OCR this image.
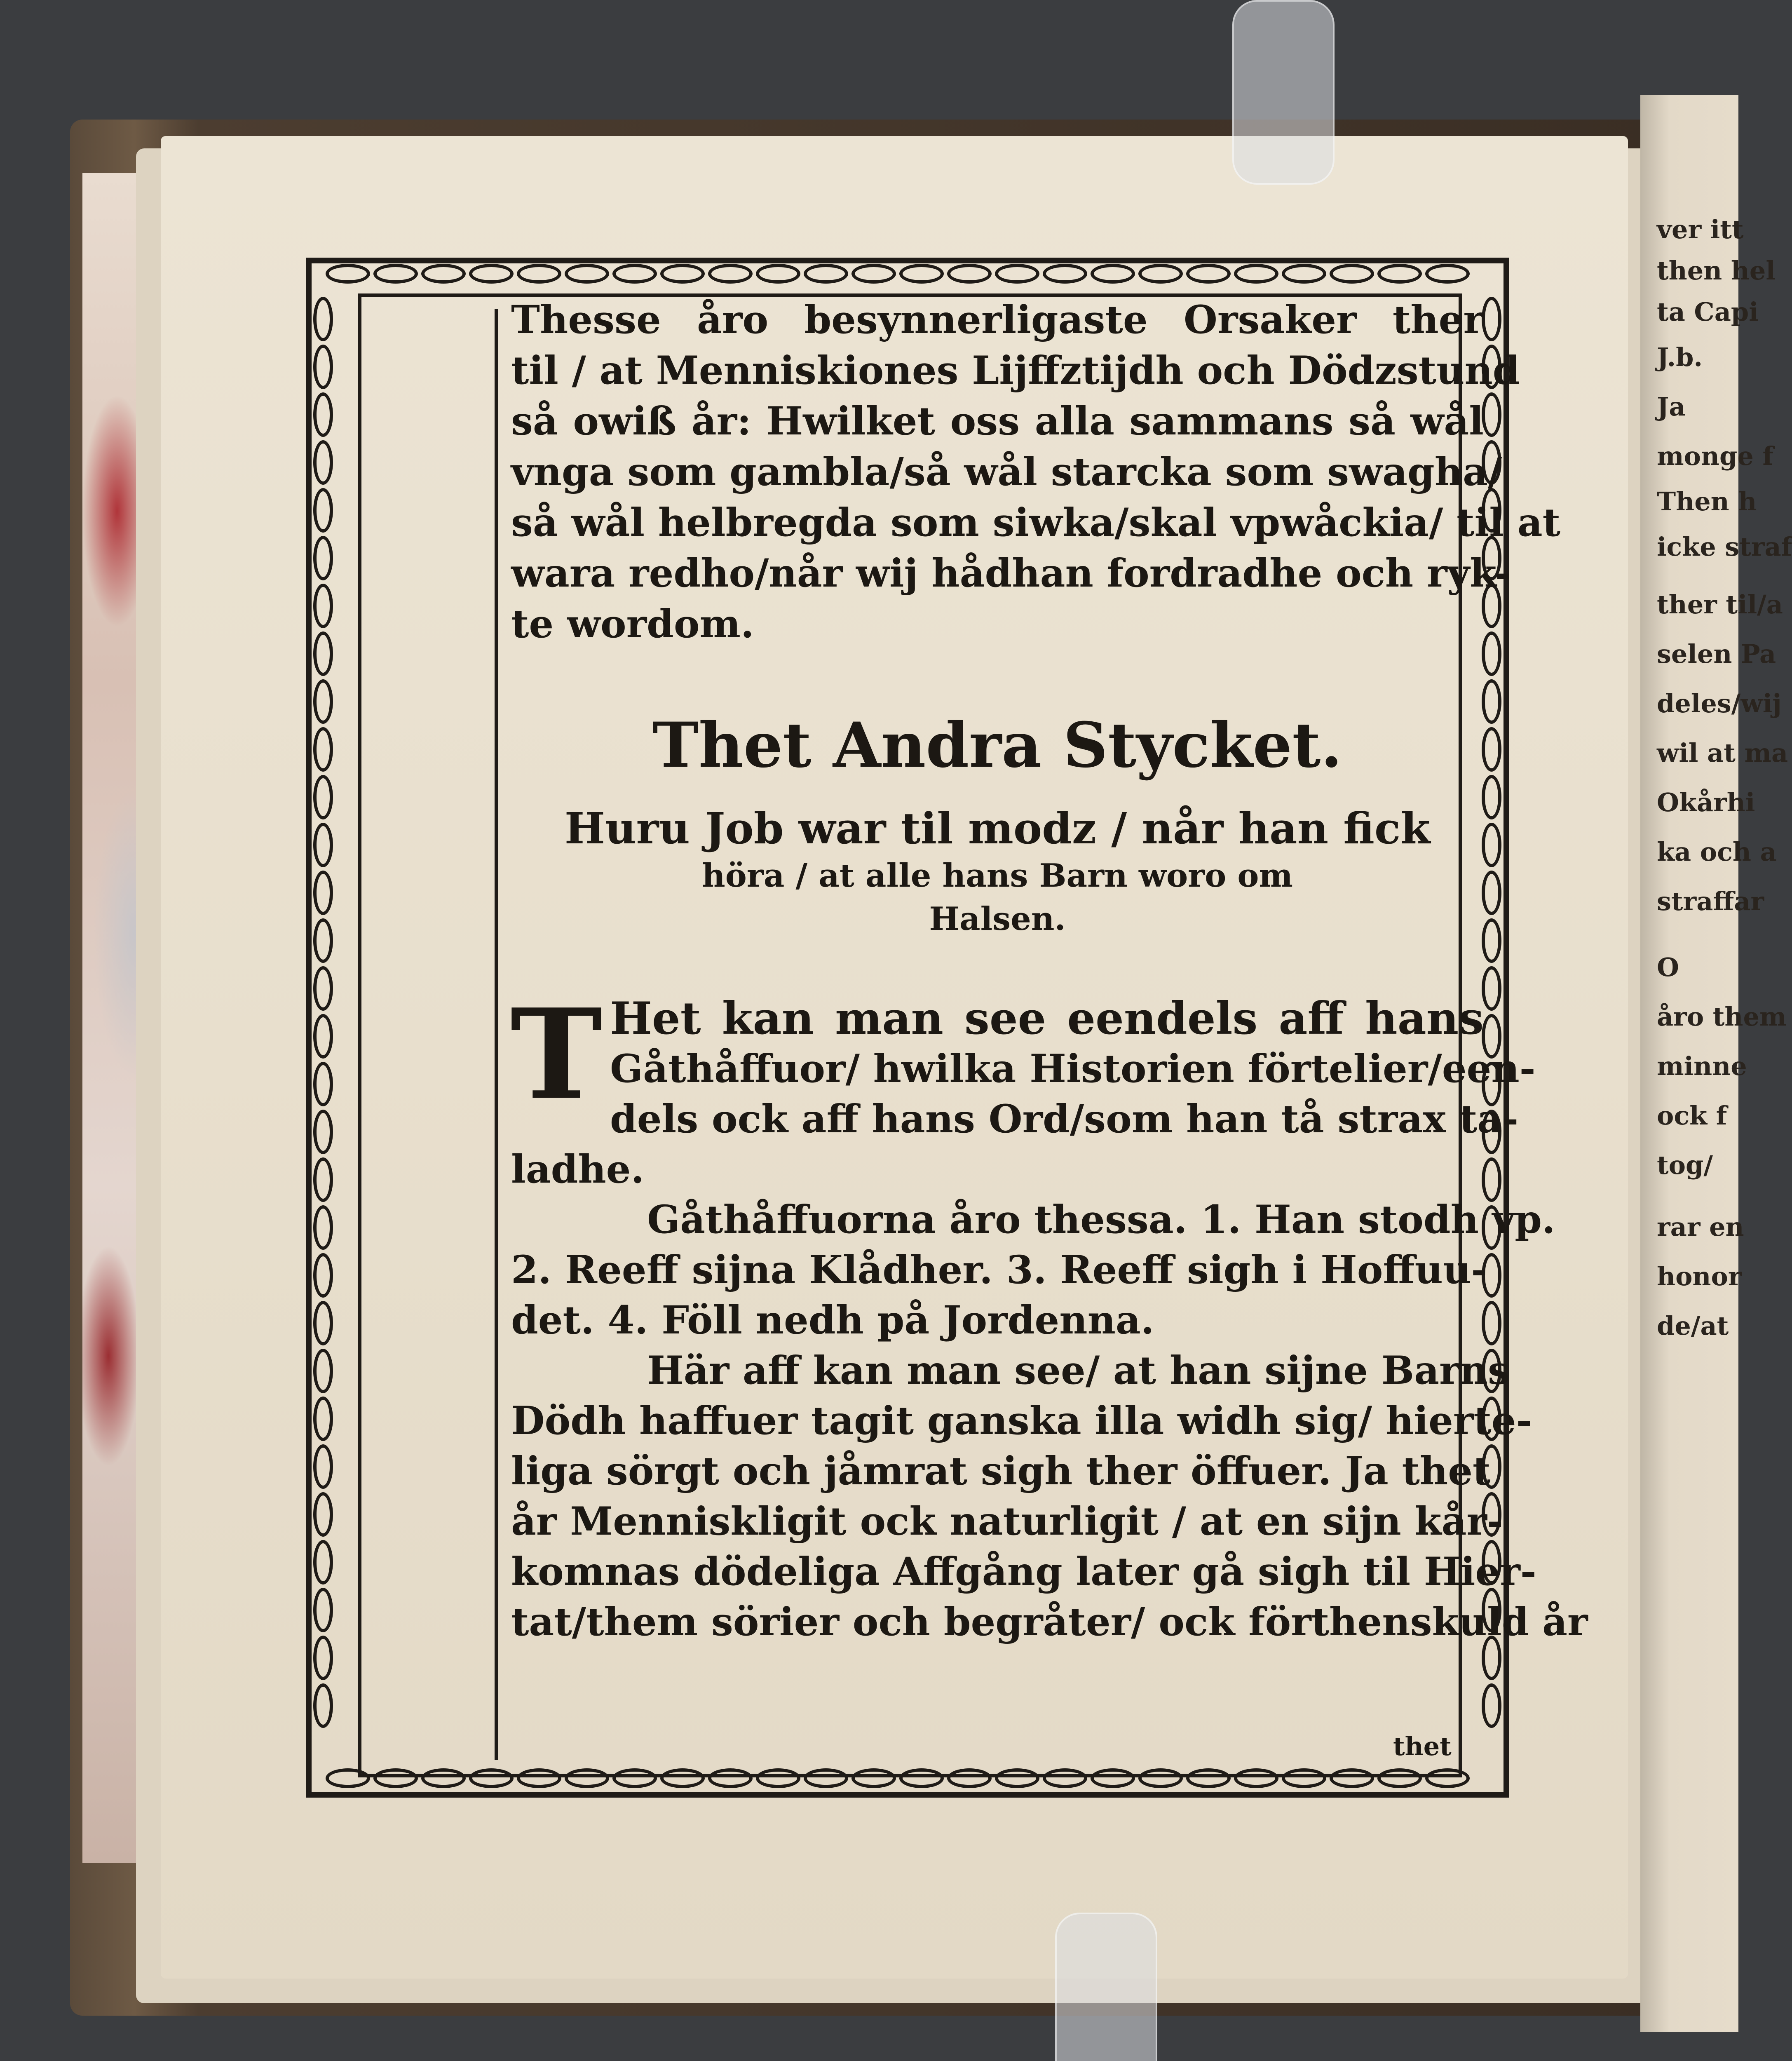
ver itt
then hel
ta Capi
J.b.
Ja
monge f
Then h
icke straf
ther til/a
selen Pa
deles/wij
wil at ma
Okårhi
ka och a
straffar
O
åro them
minne
ock f
tog/
rar en
honor
de/at
Thesse åro besynnerligaste Orsaker ther
til / at Menniskiones Lijffztijdh och Dödzstund
så owiß år: Hwilket oss alla sammans så wål
vnga som gambla/så wål starcka som swagha/
så wål helbregda som siwka/skal vpwåckia/ til at
wara redho/når wij hådhan fordradhe och ryk-
te wordom.
Thet Andra Stycket.
Huru Job war til modz / når han fick
höra / at alle hans Barn woro om
Halsen.
T Het kan man see eendels aff hans
Gåthåffuor/ hwilka Historien förtelier/een-
dels ock aff hans Ord/som han tå strax ta-
ladhe.
Gåthåffuorna åro thessa. 1. Han stodh vp.
2. Reeff sijna Klådher. 3. Reeff sigh i Hoffuu-
det. 4. Föll nedh på Jordenna.
Här aff kan man see/ at han sijne Barns
Dödh haffuer tagit ganska illa widh sig/ hierte-
liga sörgt och jåmrat sigh ther öffuer. Ja thet
år Menniskligit ock naturligit / at en sijn kår-
komnas dödeliga Affgång later gå sigh til Hier-
tat/them sörier och begråter/ ock förthenskuld år
thet
